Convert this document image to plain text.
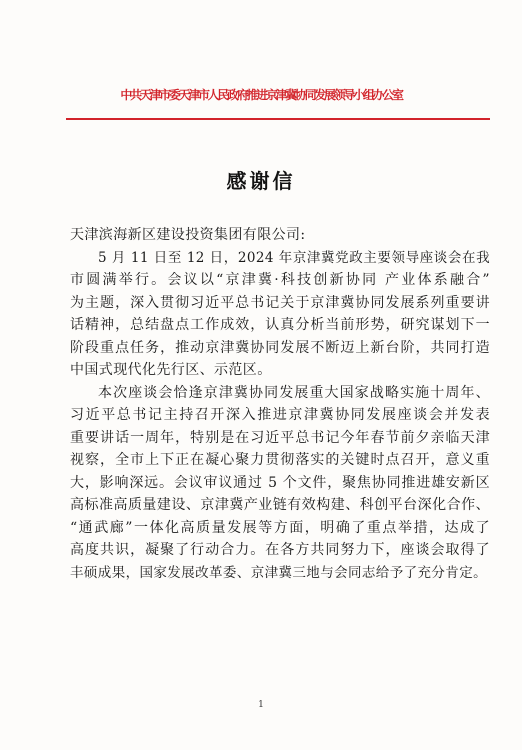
中共天津市委天津市人民政府推进京津冀协同发展领导小组办公室
感谢信

天津滨海新区建设投资集团有限公司:

5 月 11 日至 12 日，2024 年京津冀党政主要领导座谈会在我
市圆满举行。会议以“京津冀·科技创新协同 产业体系融合”
为主题，深入贯彻习近平总书记关于京津冀协同发展系列重要讲
话精神，总结盘点工作成效，认真分析当前形势，研究谋划下一
阶段重点任务，推动京津冀协同发展不断迈上新台阶，共同打造
中国式现代化先行区、示范区。

本次座谈会恰逢京津冀协同发展重大国家战略实施十周年、
习近平总书记主持召开深入推进京津冀协同发展座谈会并发表
重要讲话一周年，特别是在习近平总书记今年春节前夕亲临天津
视察，全市上下正在凝心聚力贯彻落实的关键时点召开，意义重
大，影响深远。会议审议通过 5 个文件，聚焦协同推进雄安新区
高标准高质量建设、京津冀产业链有效构建、科创平台深化合作、
“通武廊”一体化高质量发展等方面，明确了重点举措，达成了
高度共识，凝聚了行动合力。在各方共同努力下，座谈会取得了
丰硕成果，国家发展改革委、京津冀三地与会同志给予了充分肯定。

1
